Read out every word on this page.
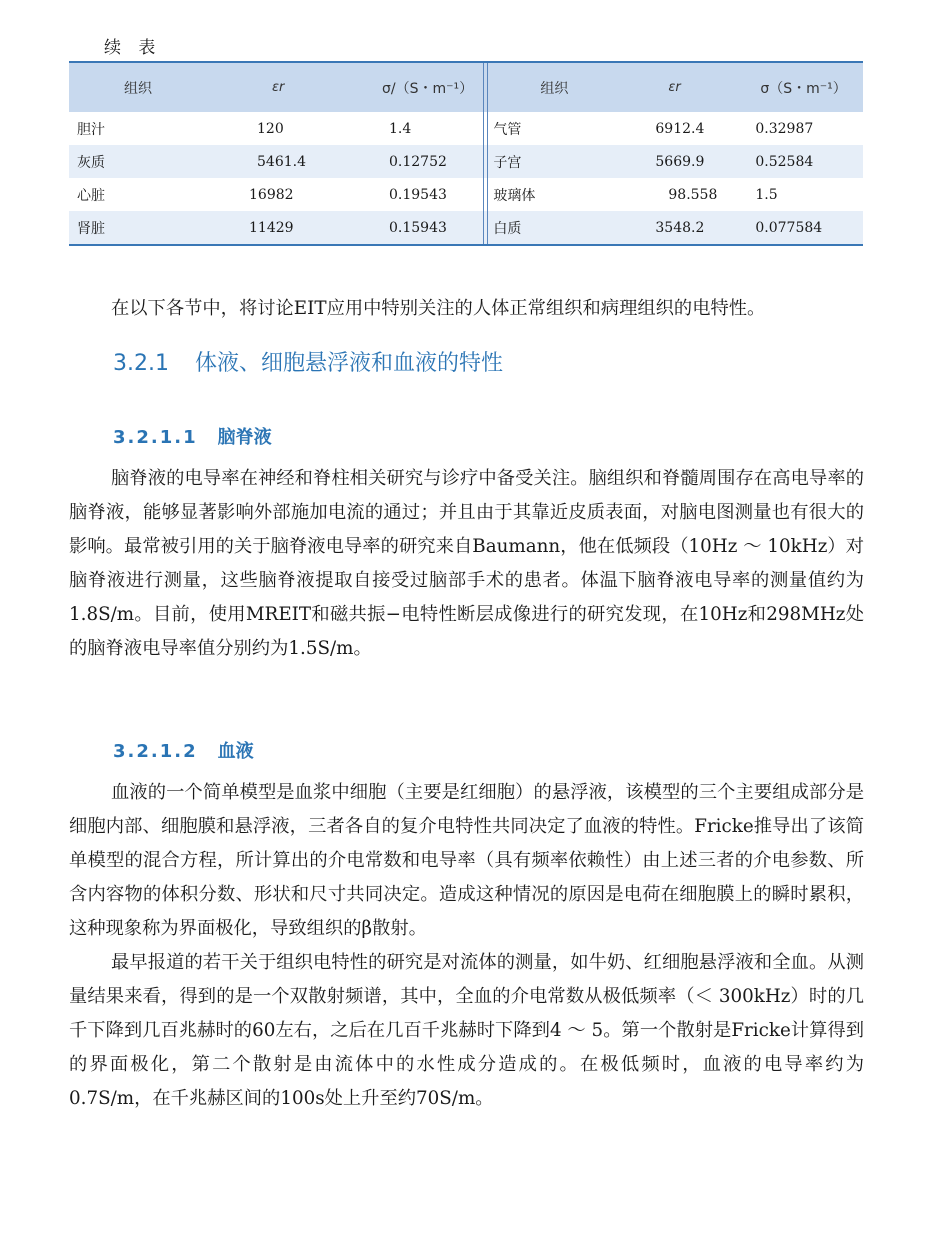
续 表
组织	εr	σ/（S・m⁻¹）	组织	εr	σ（S・m⁻¹）
胆汁	120	1.4	气管	6912.4	0.32987
灰质	5461.4	0.12752	子宫	5669.9	0.52584
心脏	16982	0.19543	玻璃体	98.558	1.5
肾脏	11429	0.15943	白质	3548.2	0.077584

在以下各节中，将讨论EIT应用中特别关注的人体正常组织和病理组织的电特性。

3.2.1 体液、细胞悬浮液和血液的特性
3.2.1.1 脑脊液

脑脊液的电导率在神经和脊柱相关研究与诊疗中备受关注。脑组织和脊髓周围存在高电导率的脑脊液，能够显著影响外部施加电流的通过；并且由于其靠近皮质表面，对脑电图测量也有很大的影响。最常被引用的关于脑脊液电导率的研究来自Baumann，他在低频段（10Hz ～ 10kHz）对脑脊液进行测量，这些脑脊液提取自接受过脑部手术的患者。体温下脑脊液电导率的测量值约为1.8S/m。目前，使用MREIT和磁共振−电特性断层成像进行的研究发现，在10Hz和298MHz处的脑脊液电导率值分别约为1.5S/m。

3.2.1.2 血液

血液的一个简单模型是血浆中细胞（主要是红细胞）的悬浮液，该模型的三个主要组成部分是细胞内部、细胞膜和悬浮液，三者各自的复介电特性共同决定了血液的特性。Fricke推导出了该简单模型的混合方程，所计算出的介电常数和电导率（具有频率依赖性）由上述三者的介电参数、所含内容物的体积分数、形状和尺寸共同决定。造成这种情况的原因是电荷在细胞膜上的瞬时累积，这种现象称为界面极化，导致组织的β散射。

最早报道的若干关于组织电特性的研究是对流体的测量，如牛奶、红细胞悬浮液和全血。从测量结果来看，得到的是一个双散射频谱，其中，全血的介电常数从极低频率（＜ 300kHz）时的几千下降到几百兆赫时的60左右，之后在几百千兆赫时下降到4 ～ 5。第一个散射是Fricke计算得到的界面极化，第二个散射是由流体中的水性成分造成的。在极低频时，血液的电导率约为0.7S/m，在千兆赫区间的100s处上升至约70S/m。
